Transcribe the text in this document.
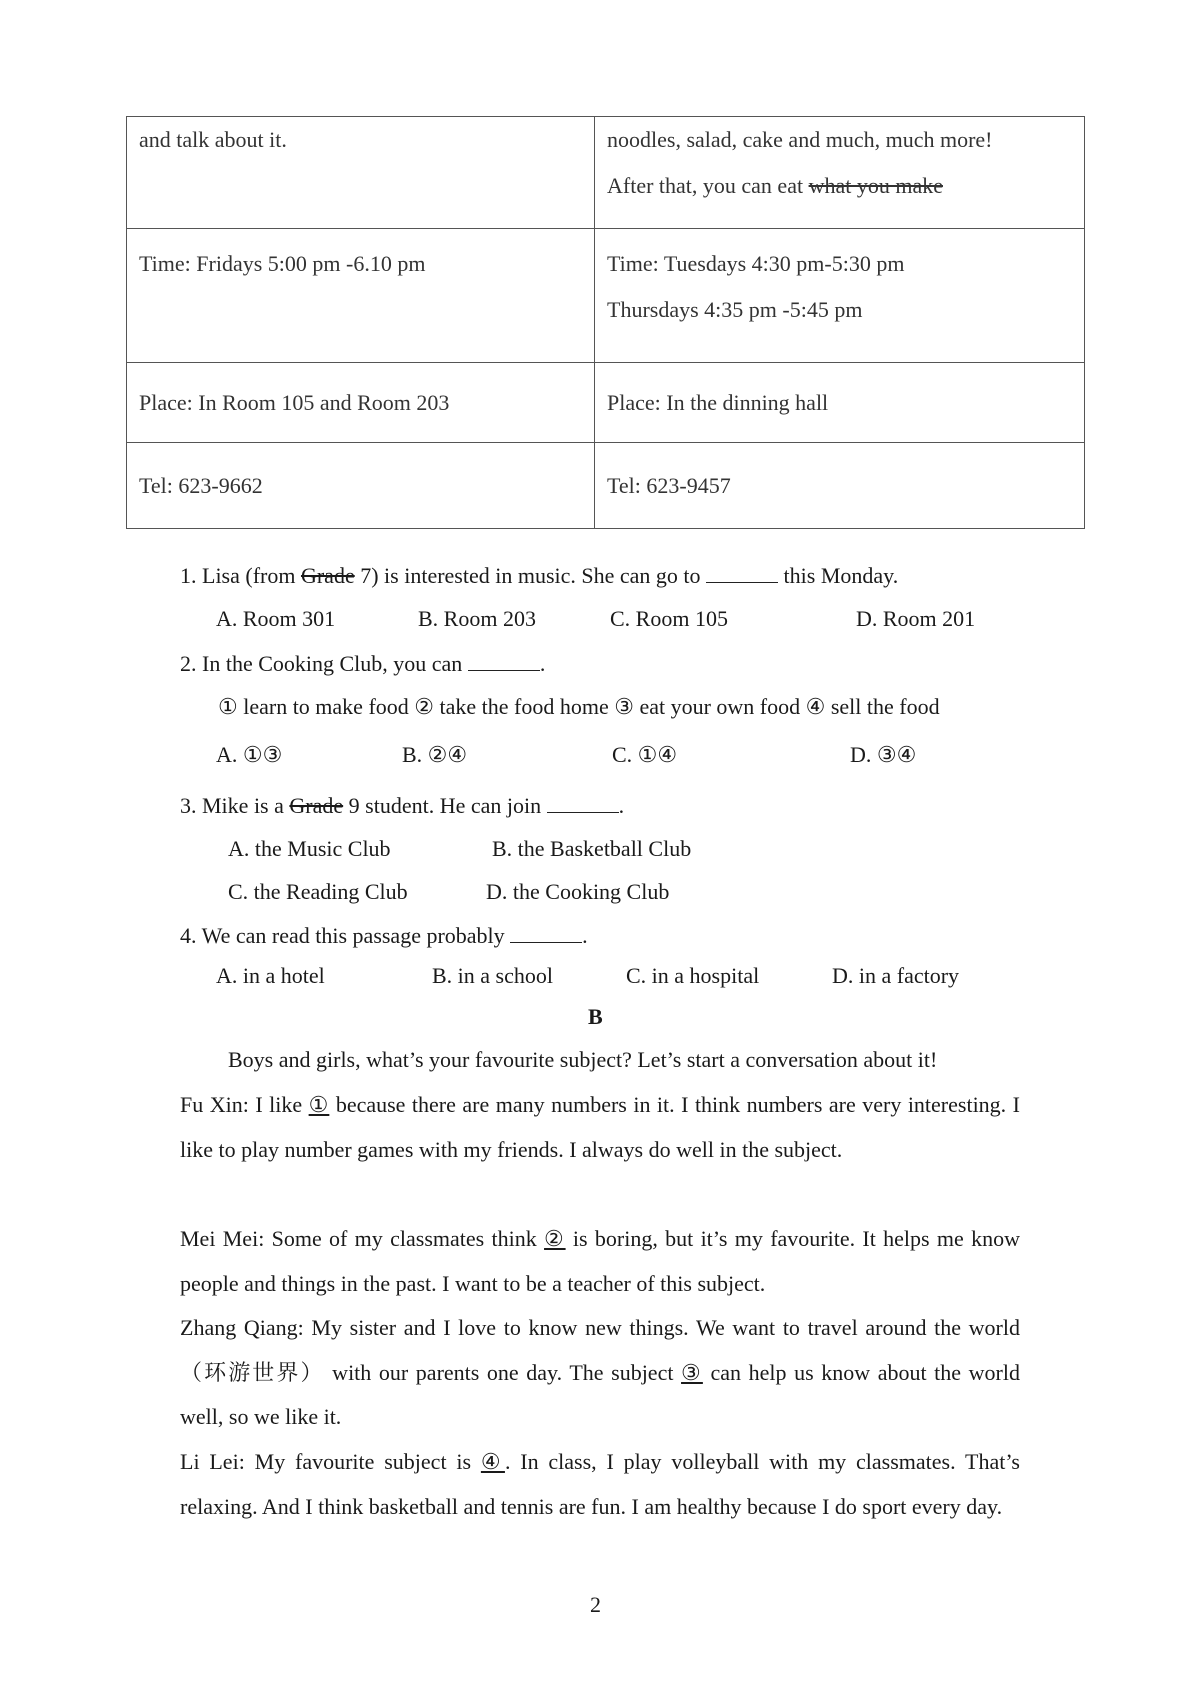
and talk about it.	noodles, salad, cake and much, much more!
After that, you can eat what you make

Time: Fridays 5:00 pm -6.10 pm	Time: Tuesdays 4:30 pm-5:30 pm
Thursdays 4:35 pm -5:45 pm

Place: In Room 105 and Room 203	Place: In the dinning hall

Tel: 623-9662	Tel: 623-9457
1. Lisa (from Grade 7) is interested in music. She can go to	this Monday.
A. Room 301	B. Room 203	C. Room 105	D. Room 201
2. In the Cooking Club, you can	.
① learn to make food ② take the food home ③ eat your own food ④ sell the food
A. ①③	B. ②④	C. ①④	D. ③④
3. Mike is a Grade 9 student. He can join	.
A. the Music Club	B. the Basketball Club
C. the Reading Club	D. the Cooking Club
4. We can read this passage probably	.
A. in a hotel	B. in a school	C. in a hospital	D. in a factory
B
Boys and girls, what’s your favourite subject? Let’s start a conversation about it!
Fu Xin: I like ① because there are many numbers in it. I think numbers are very interesting. I like to play number games with my friends. I always do well in the subject.
Mei Mei: Some of my classmates think ② is boring, but it’s my favourite. It helps me know people and things in the past. I want to be a teacher of this subject.
Zhang Qiang: My sister and I love to know new things. We want to travel around the world（环游世界） with our parents one day. The subject ③ can help us know about the world well, so we like it.
Li Lei: My favourite subject is ④. In class, I play volleyball with my classmates. That’s relaxing. And I think basketball and tennis are fun. I am healthy because I do sport every day.
2
